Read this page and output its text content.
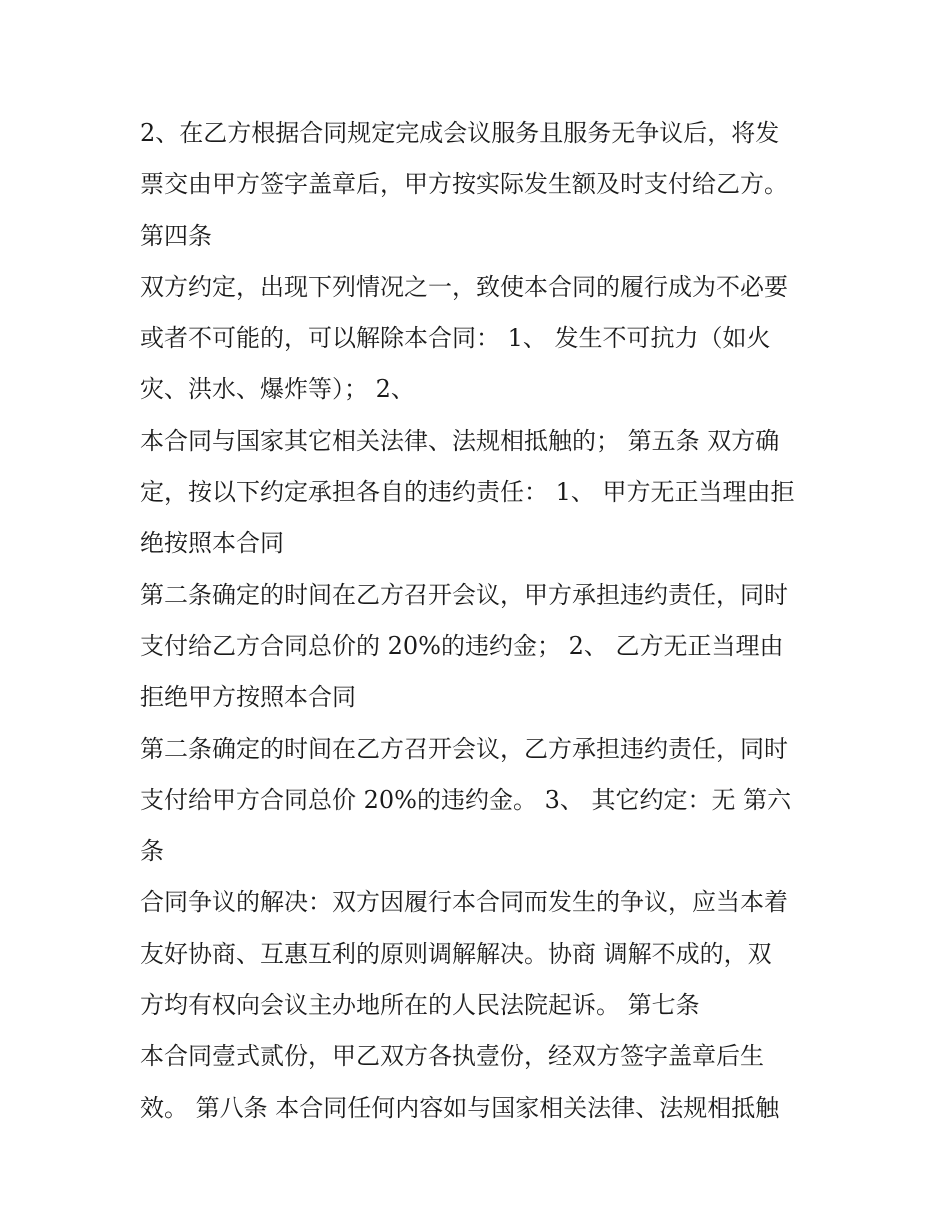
2、在乙方根据合同规定完成会议服务且服务无争议后，将发
票交由甲方签字盖章后，甲方按实际发生额及时支付给乙方。
第四条
双方约定，出现下列情况之一，致使本合同的履行成为不必要
或者不可能的，可以解除本合同： 1、 发生不可抗力（如火
灾、洪水、爆炸等）； 2、
本合同与国家其它相关法律、法规相抵触的； 第五条 双方确
定，按以下约定承担各自的违约责任： 1、 甲方无正当理由拒
绝按照本合同
第二条确定的时间在乙方召开会议，甲方承担违约责任，同时
支付给乙方合同总价的 20%的违约金； 2、 乙方无正当理由
拒绝甲方按照本合同
第二条确定的时间在乙方召开会议，乙方承担违约责任，同时
支付给甲方合同总价 20%的违约金。 3、 其它约定：无 第六
条
合同争议的解决：双方因履行本合同而发生的争议，应当本着
友好协商、互惠互利的原则调解解决。协商 调解不成的，双
方均有权向会议主办地所在的人民法院起诉。 第七条
本合同壹式贰份，甲乙双方各执壹份，经双方签字盖章后生
效。 第八条 本合同任何内容如与国家相关法律、法规相抵触
